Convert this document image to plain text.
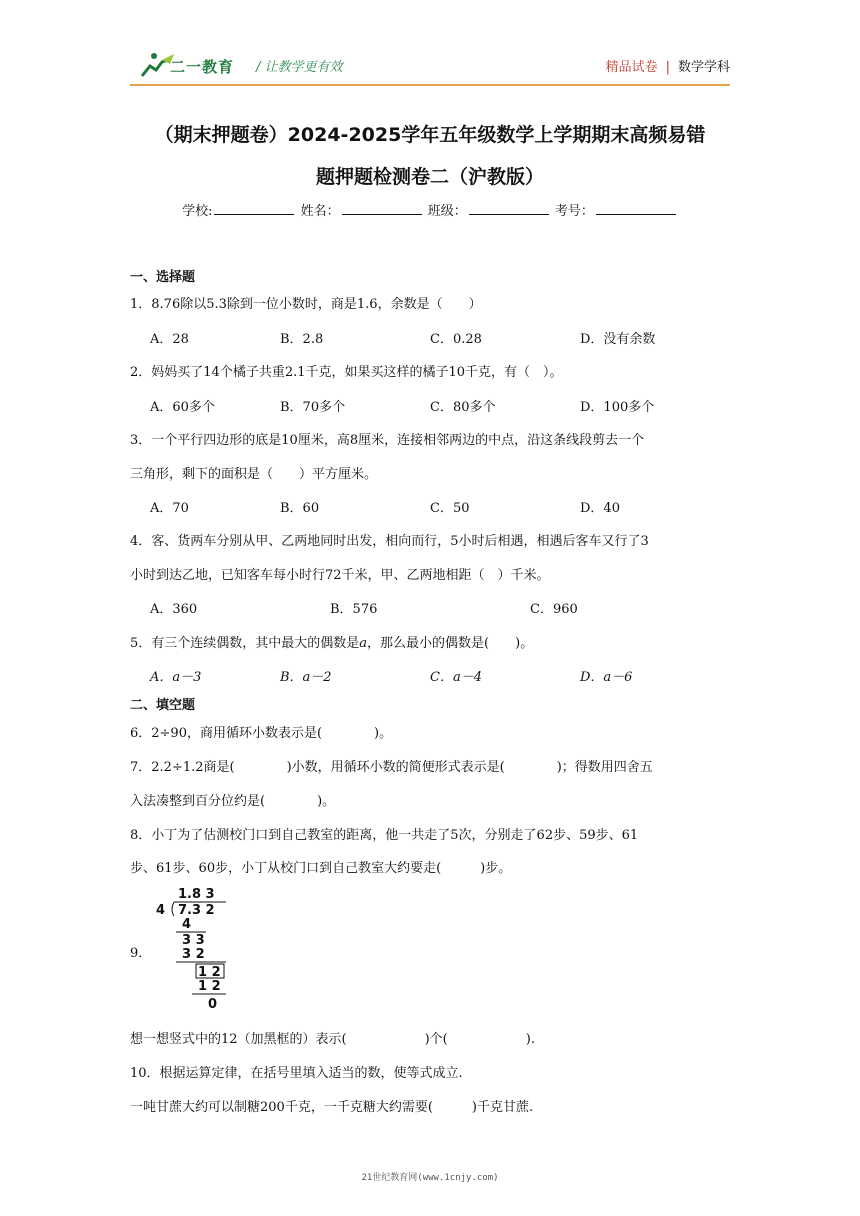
二一教育 / 让教学更有效	精品试卷 | 数学学科
（期末押题卷）2024-2025学年五年级数学上学期期末高频易错
题押题检测卷二（沪教版）
学校:	姓名：	班级：	考号：
一、选择题
1．8.76除以5.3除到一位小数时，商是1.6，余数是（　　）
A．28	B．2.8	C．0.28	D．没有余数
2．妈妈买了14个橘子共重2.1千克，如果买这样的橘子10千克，有（　）。
A．60多个	B．70多个	C．80多个	D．100多个
3．一个平行四边形的底是10厘米，高8厘米，连接相邻两边的中点，沿这条线段剪去一个
三角形，剩下的面积是（　　）平方厘米。
A．70	B．60	C．50	D．40
4．客、货两车分别从甲、乙两地同时出发，相向而行，5小时后相遇，相遇后客车又行了3
小时到达乙地，已知客车每小时行72千米，甲、乙两地相距（　）千米。
A．360	B．576	C．960
5．有三个连续偶数，其中最大的偶数是a，那么最小的偶数是(　　)。
A．a－3	B．a－2	C．a－4	D．a－6
二、填空题
6．2÷90，商用循环小数表示是(　　　　)。
7．2.2÷1.2商是(　　　　)小数，用循环小数的简便形式表示是(　　　　)；得数用四舍五
入法凑整到百分位约是(　　　　)。
8．小丁为了估测校门口到自己教室的距离，他一共走了5次，分别走了62步、59步、61
步、61步、60步，小丁从校门口到自己教室大约要走(　　　)步。
9．
1.8 3
4 7.3 2
4
3 3
3 2
1 2
1 2
0
想一想竖式中的12（加黑框的）表示(　　　　　　)个(　　　　　　).
10．根据运算定律，在括号里填入适当的数，使等式成立.
一吨甘蔗大约可以制糖200千克，一千克糖大约需要(　　　)千克甘蔗.
21世纪教育网(www.1cnjy.com)
